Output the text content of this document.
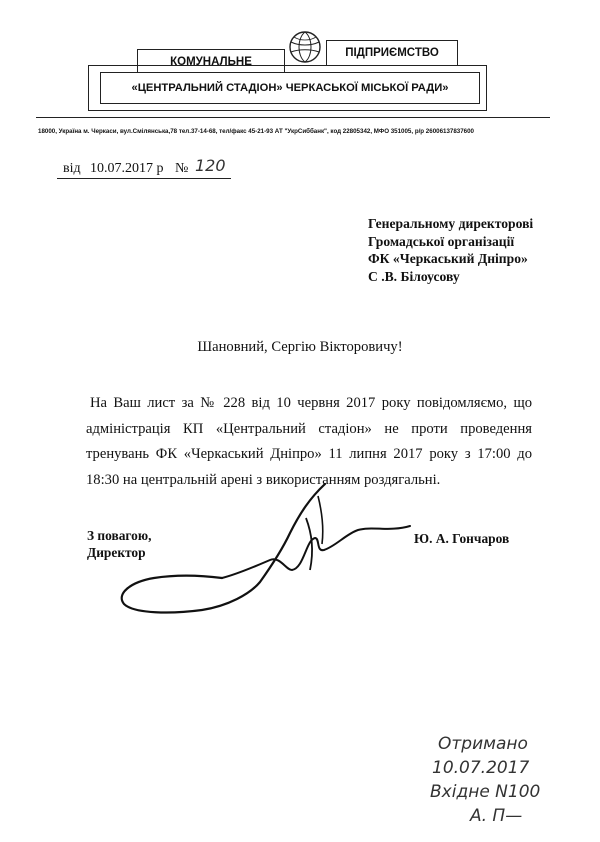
КОМУНАЛЬНЕ
ПІДПРИЄМСТВО
«ЦЕНТРАЛЬНИЙ СТАДІОН» ЧЕРКАСЬКОЇ МІСЬКОЇ РАДИ»
18000, Україна м. Черкаси, вул.Смілянська,78 тел.37-14-68, тел/факс 45-21-93 АТ "УкрСиббанк", код 22805342, МФО 351005, р/р 26006137837600
від 10.07.2017 р № 120
Генеральному директорові
Громадської організації
ФК «Черкаський Дніпро»
С .В. Білоусову
Шановний, Сергію Вікторовичу!
На Ваш лист за № 228 від 10 червня 2017 року повідомляємо, що адміністрація КП «Центральний стадіон» не проти проведення тренувань ФК «Черкаський Дніпро» 11 липня 2017 року з 17:00 до 18:30 на центральній арені з використанням роздягальні.
З повагою,
Директор
Ю. А. Гончаров
Отримано
10.07.2017
Вхідне N100
А. П—
